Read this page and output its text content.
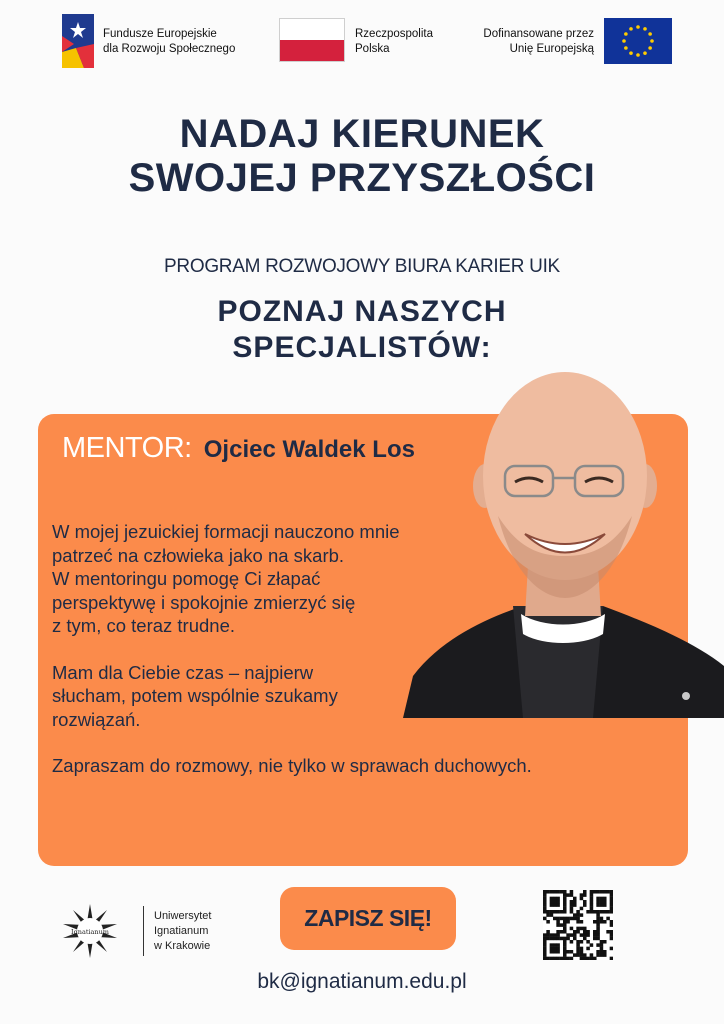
Fundusze Europejskie
dla Rozwoju Społecznego
Rzeczpospolita
Polska
Dofinansowane przez
Unię Europejską
NADAJ KIERUNEK
SWOJEJ PRZYSZŁOŚCI
PROGRAM ROZWOJOWY BIURA KARIER UIK
POZNAJ NASZYCH
SPECJALISTÓW:
MENTOR: Ojciec Waldek Los

W mojej jezuickiej formacji nauczono mnie
patrzeć na człowieka jako na skarb.
W mentoringu pomogę Ci złapać
perspektywę i spokojnie zmierzyć się
z tym, co teraz trudne.

Mam dla Ciebie czas – najpierw
słucham, potem wspólnie szukamy
rozwiązań.

Zapraszam do rozmowy, nie tylko w sprawach duchowych.

Ignatianum
Uniwersytet
Ignatianum
w Krakowie
ZAPISZ SIĘ!
bk@ignatianum.edu.pl
